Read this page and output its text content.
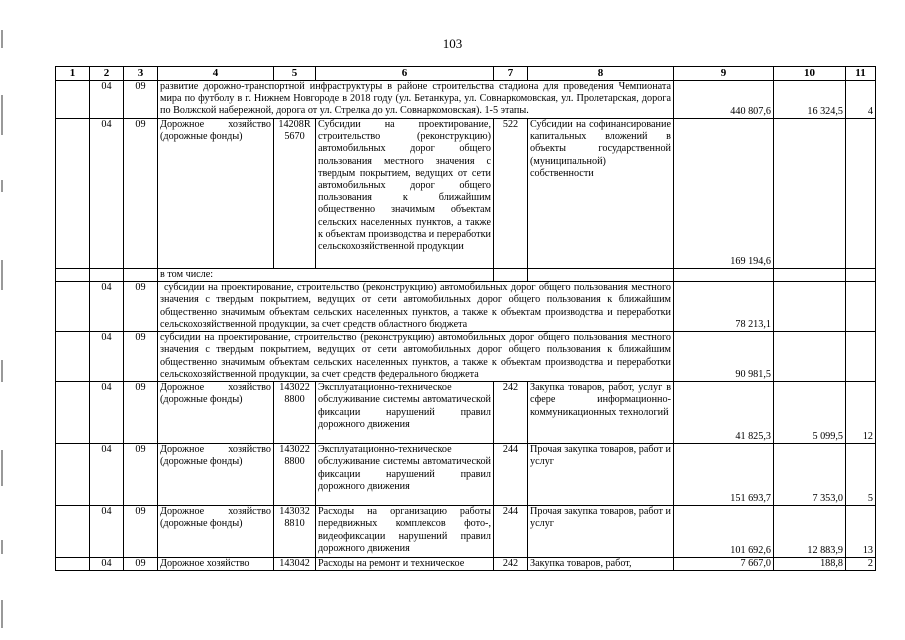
103
1	2	3	4	5	6	7	8	9	10	11
	04	09	развитие дорожно-транспортной инфраструктуры в районе строительства стадиона для проведения Чемпионата мира по футболу в г. Нижнем Новгороде в 2018 году (ул. Бетанкура, ул. Совнаркомовская, ул. Пролетарская, дорога по Волжской набережной, дорога от ул. Стрелка до ул. Совнаркомовская). 1-5 этапы.					440 807,6	16 324,5	4
	04	09	Дорожное хозяйство (дорожные фонды)	14208R
5670	Субсидии на проектирование, строительство (реконструкцию) автомобильных дорог общего пользования местного значения с твердым покрытием, ведущих от сети автомобильных дорог общего пользования к ближайшим общественно значимым объектам сельских населенных пунктов, а также к объектам производства и переработки сельскохозяйственной продукции	522	Субсидии на софинансирование капитальных вложений в объекты государственной (муниципальной) собственности	169 194,6		
			в том числе:							
	04	09	субсидии на проектирование, строительство (реконструкцию) автомобильных дорог общего пользования местного значения с твердым покрытием, ведущих от сети автомобильных дорог общего пользования к ближайшим общественно значимым объектам сельских населенных пунктов, а также к объектам производства и переработки сельскохозяйственной продукции, за счет средств областного бюджета					78 213,1		
	04	09	субсидии на проектирование, строительство (реконструкцию) автомобильных дорог общего пользования местного значения с твердым покрытием, ведущих от сети автомобильных дорог общего пользования к ближайшим общественно значимым объектам сельских населенных пунктов, а также к объектам производства и переработки сельскохозяйственной продукции, за счет средств федерального бюджета					90 981,5		
	04	09	Дорожное хозяйство (дорожные фонды)	143022
8800	Эксплуатационно-техническое обслуживание системы автоматической фиксации нарушений правил дорожного движения	242	Закупка товаров, работ, услуг в сфере информационно-коммуникационных технологий	41 825,3	5 099,5	12
	04	09	Дорожное хозяйство (дорожные фонды)	143022
8800	Эксплуатационно-техническое обслуживание системы автоматической фиксации нарушений правил дорожного движения	244	Прочая закупка товаров, работ и услуг	151 693,7	7 353,0	5
	04	09	Дорожное хозяйство (дорожные фонды)	143032
8810	Расходы на организацию работы передвижных комплексов фото-, видеофиксации нарушений правил дорожного движения	244	Прочая закупка товаров, работ и услуг	101 692,6	12 883,9	13
	04	09	Дорожное хозяйство	143042	Расходы на ремонт и техническое	242	Закупка товаров, работ,	7 667,0	188,8	2
